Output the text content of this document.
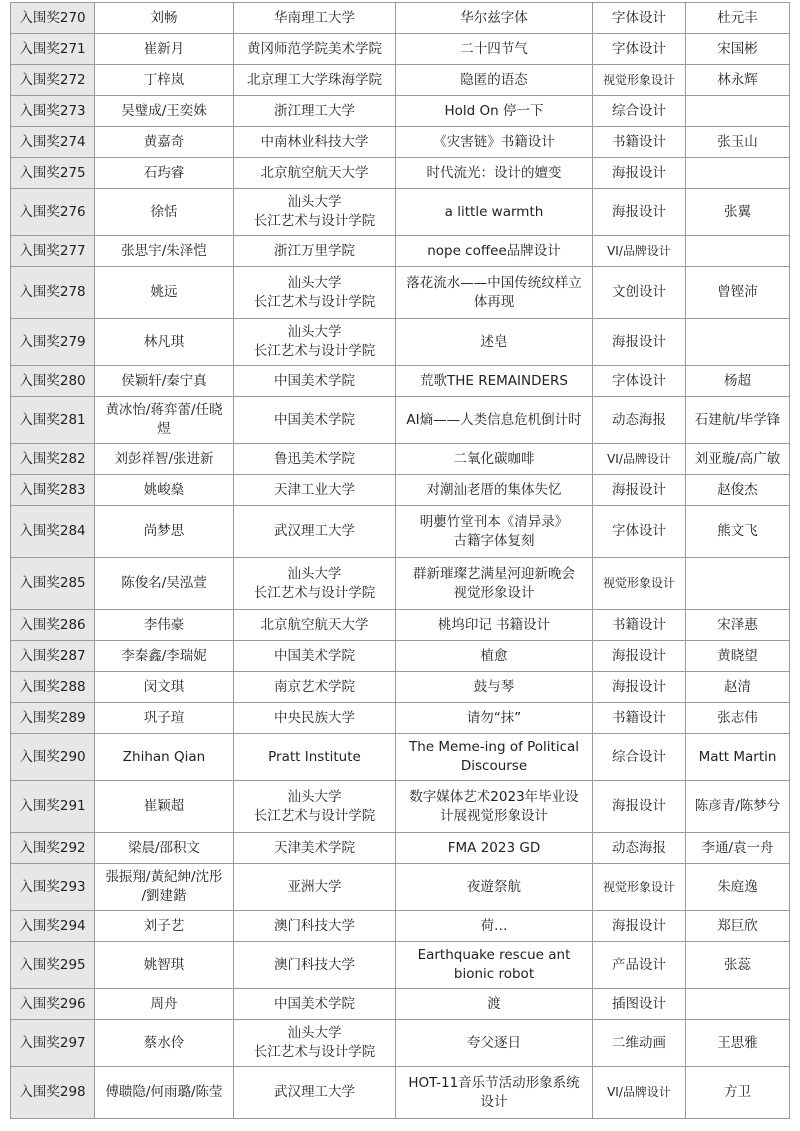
入围奖270	刘畅	华南理工大学	华尔兹字体	字体设计	杜元丰

入围奖271	崔新月	黄冈师范学院美术学院	二十四节气	字体设计	宋国彬

入围奖272	丁梓岚	北京理工大学珠海学院	隐匿的语态	视觉形象设计	林永辉

入围奖273	吴璧成/王奕姝	浙江理工大学	Hold On 停一下	综合设计	

入围奖274	黄嘉奇	中南林业科技大学	《灾害链》书籍设计	书籍设计	张玉山

入围奖275	石玙睿	北京航空航天大学	时代流光：设计的嬗变	海报设计	

入围奖276	徐恬	汕头大学
长江艺术与设计学院	a little warmth	海报设计	张翼

入围奖277	张思宇/朱泽恺	浙江万里学院	nope coffee品牌设计	VI/品牌设计	

入围奖278	姚远	汕头大学
长江艺术与设计学院	落花流水——中国传统纹样立
体再现	文创设计	曾铿沛

入围奖279	林凡琪	汕头大学
长江艺术与设计学院	述皂	海报设计	

入围奖280	侯颖轩/秦宁真	中国美术学院	荒歌THE REMAINDERS	字体设计	杨超

入围奖281	黄冰怡/蒋弈蕾/任晓
煜	中国美术学院	AI熵——人类信息危机倒计时	动态海报	石建航/毕学锋

入围奖282	刘彭祥智/张进新	鲁迅美术学院	二氧化碳咖啡	VI/品牌设计	刘亚璇/高广敏

入围奖283	姚峻燊	天津工业大学	对潮汕老厝的集体失忆	海报设计	赵俊杰

入围奖284	尚梦思	武汉理工大学	明蘡竹堂刊本《清异录》
古籍字体复刻	字体设计	熊文飞

入围奖285	陈俊名/吴泓萱	汕头大学
长江艺术与设计学院	群新璀璨艺满星河迎新晚会
视觉形象设计	视觉形象设计	

入围奖286	李伟豪	北京航空航天大学	桃坞印记 书籍设计	书籍设计	宋泽惠

入围奖287	李秦鑫/李瑞妮	中国美术学院	植愈	海报设计	黄晓望

入围奖288	闵文琪	南京艺术学院	鼓与琴	海报设计	赵清

入围奖289	巩子瑄	中央民族大学	请勿“抹”	书籍设计	张志伟

入围奖290	Zhihan Qian	Pratt Institute	The Meme-ing of Political
Discourse	综合设计	Matt Martin

入围奖291	崔颖超	汕头大学
长江艺术与设计学院	数字媒体艺术2023年毕业设
计展视觉形象设计	海报设计	陈彦青/陈梦兮

入围奖292	梁晨/邵积文	天津美术学院	FMA 2023 GD	动态海报	李通/袁一舟

入围奖293	張振翔/黃紀紳/沈彤
/劉建鍇	亚洲大学	夜遊祭航	视觉形象设计	朱庭逸

入围奖294	刘子艺	澳门科技大学	荷…	海报设计	郑巨欣

入围奖295	姚智琪	澳门科技大学	Earthquake rescue ant
bionic robot	产品设计	张蕊

入围奖296	周舟	中国美术学院	渡	插图设计	

入围奖297	蔡水伶	汕头大学
长江艺术与设计学院	夸父逐日	二维动画	王思雅

入围奖298	傅聩隐/何雨璐/陈莹	武汉理工大学	HOT-11音乐节活动形象系统
设计	VI/品牌设计	方卫
